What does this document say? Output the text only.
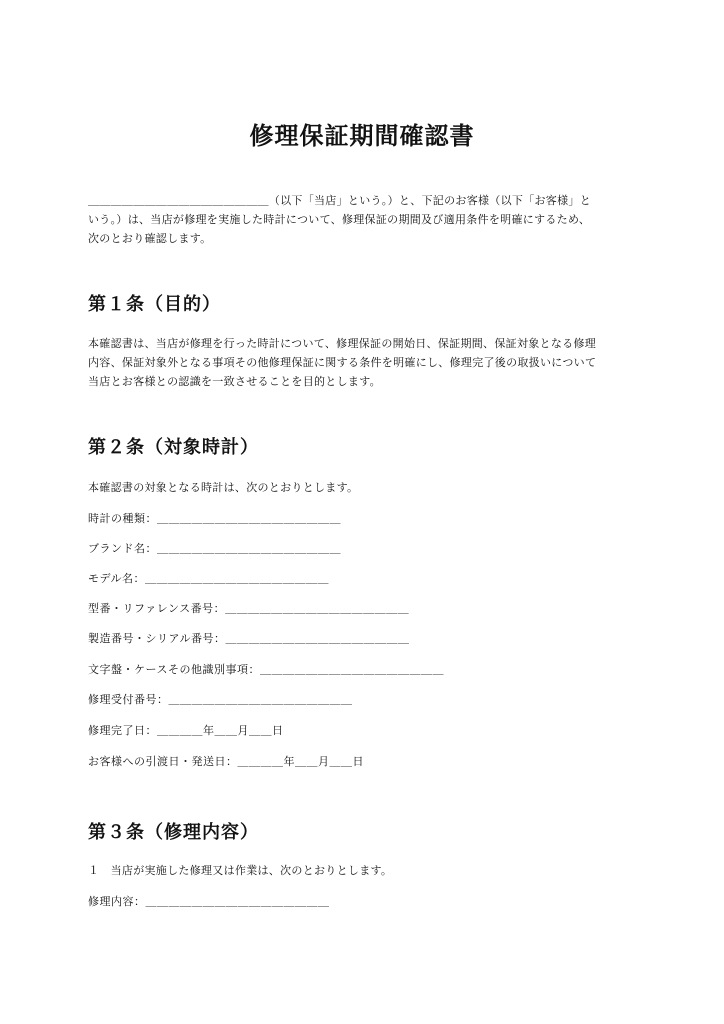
修理保証期間確認書

＿＿＿＿＿＿＿＿＿＿＿＿＿＿＿＿（以下「当店」という。）と、下記のお客様（以下「お客様」と
いう。）は、当店が修理を実施した時計について、修理保証の期間及び適用条件を明確にするため、
次のとおり確認します。

第１条（目的）

本確認書は、当店が修理を行った時計について、修理保証の開始日、保証期間、保証対象となる修理
内容、保証対象外となる事項その他修理保証に関する条件を明確にし、修理完了後の取扱いについて
当店とお客様との認識を一致させることを目的とします。

第２条（対象時計）

本確認書の対象となる時計は、次のとおりとします。

時計の種類：＿＿＿＿＿＿＿＿＿＿＿＿＿＿＿＿
ブランド名：＿＿＿＿＿＿＿＿＿＿＿＿＿＿＿＿
モデル名：＿＿＿＿＿＿＿＿＿＿＿＿＿＿＿＿
型番・リファレンス番号：＿＿＿＿＿＿＿＿＿＿＿＿＿＿＿＿
製造番号・シリアル番号：＿＿＿＿＿＿＿＿＿＿＿＿＿＿＿＿
文字盤・ケースその他識別事項：＿＿＿＿＿＿＿＿＿＿＿＿＿＿＿＿
修理受付番号：＿＿＿＿＿＿＿＿＿＿＿＿＿＿＿＿
修理完了日：＿＿＿＿年＿＿月＿＿日
お客様への引渡日・発送日：＿＿＿＿年＿＿月＿＿日
第３条（修理内容）

１　当店が実施した修理又は作業は、次のとおりとします。

修理内容：＿＿＿＿＿＿＿＿＿＿＿＿＿＿＿＿
